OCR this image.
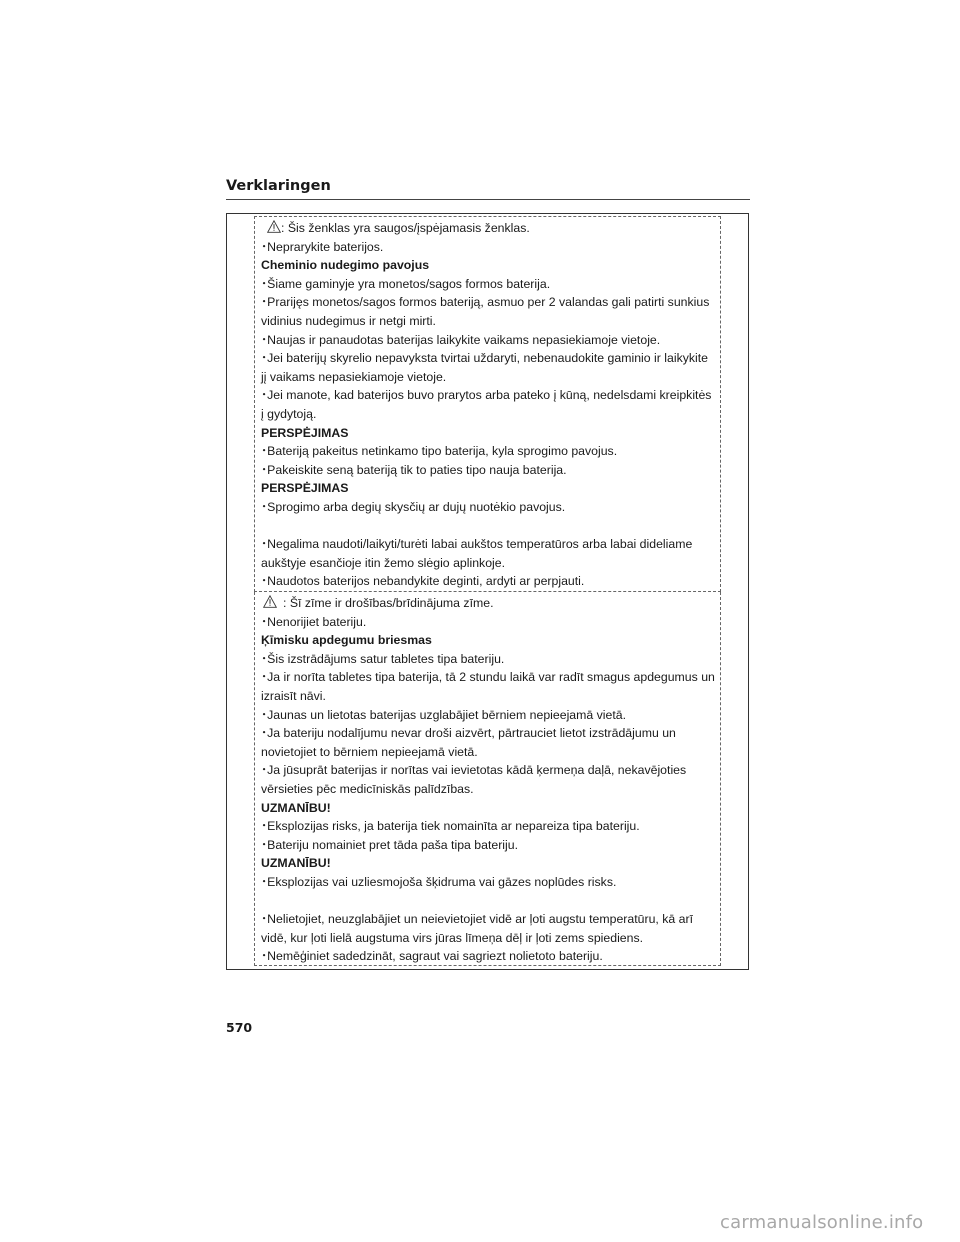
Verklaringen

: Šis ženklas yra saugos/įspėjamasis ženklas.

･Neprarykite baterijos.

Cheminio nudegimo pavojus

･Šiame gaminyje yra monetos/sagos formos baterija.

･Prarijęs monetos/sagos formos bateriją, asmuo per 2 valandas gali patirti sunkius vidinius nudegimus ir netgi mirti.

･Naujas ir panaudotas baterijas laikykite vaikams nepasiekiamoje vietoje.

･Jei baterijų skyrelio nepavyksta tvirtai uždaryti, nebenaudokite gaminio ir laikykite jį vaikams nepasiekiamoje vietoje.

･Jei manote, kad baterijos buvo prarytos arba pateko į kūną, nedelsdami kreipkitės į gydytoją.

PERSPĖJIMAS

･Bateriją pakeitus netinkamo tipo baterija, kyla sprogimo pavojus.

･Pakeiskite seną bateriją tik to paties tipo nauja baterija.

PERSPĖJIMAS

･Sprogimo arba degių skysčių ar dujų nuotėkio pavojus.

･Negalima naudoti/laikyti/turėti labai aukštos temperatūros arba labai dideliame aukštyje esančioje itin žemo slėgio aplinkoje.

･Naudotos baterijos nebandykite deginti, ardyti ar perpjauti.

: Šī zīme ir drošības/brīdinājuma zīme.

･Nenorijiet bateriju.

Ķīmisku apdegumu briesmas

･Šis izstrādājums satur tabletes tipa bateriju.

･Ja ir norīta tabletes tipa baterija, tā 2 stundu laikā var radīt smagus apdegumus un izraisīt nāvi.

･Jaunas un lietotas baterijas uzglabājiet bērniem nepieejamā vietā.

･Ja bateriju nodalījumu nevar droši aizvērt, pārtrauciet lietot izstrādājumu un novietojiet to bērniem nepieejamā vietā.

･Ja jūsuprāt baterijas ir norītas vai ievietotas kādā ķermeņa daļā, nekavējoties vērsieties pēc medicīniskās palīdzības.

UZMANĪBU!

･Eksplozijas risks, ja baterija tiek nomainīta ar nepareiza tipa bateriju.

･Bateriju nomainiet pret tāda paša tipa bateriju.

UZMANĪBU!

･Eksplozijas vai uzliesmojoša šķidruma vai gāzes noplūdes risks.

･Nelietojiet, neuzglabājiet un neievietojiet vidē ar ļoti augstu temperatūru, kā arī vidē, kur ļoti lielā augstuma virs jūras līmeņa dēļ ir ļoti zems spiediens.

･Nemēģiniet sadedzināt, sagraut vai sagriezt nolietoto bateriju.

570
carmanualsonline.info
